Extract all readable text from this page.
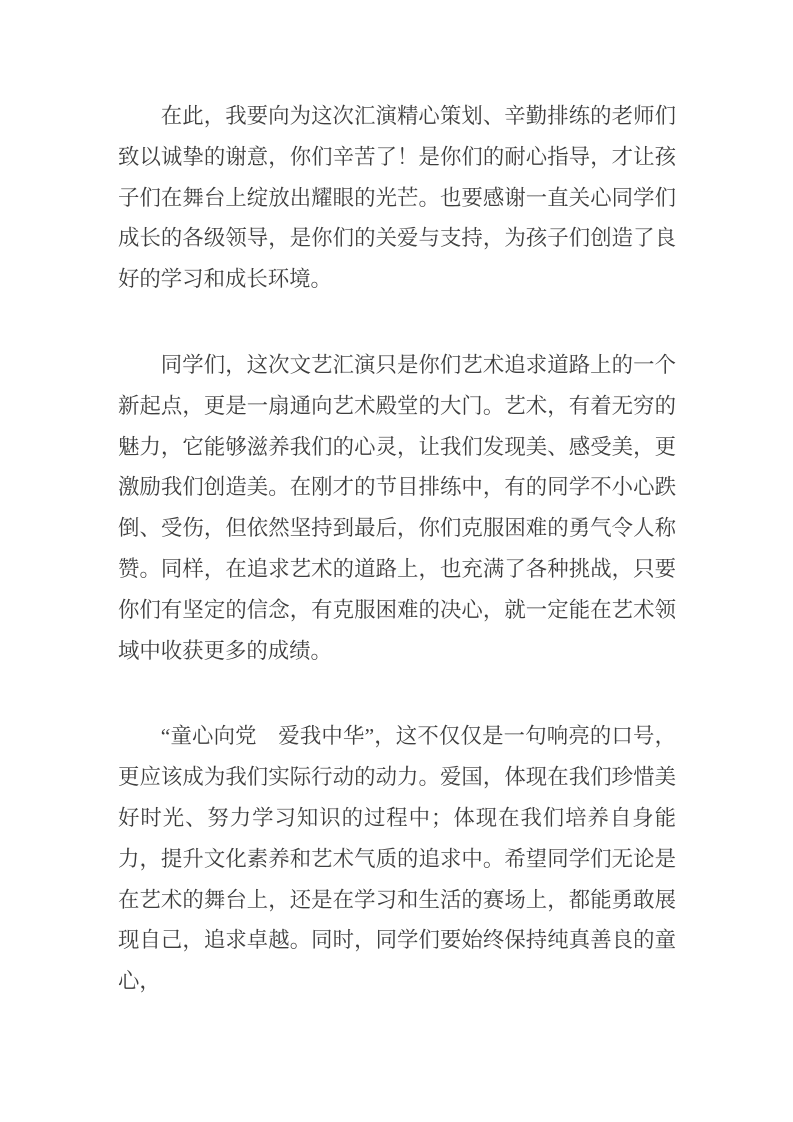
在此，我要向为这次汇演精心策划、辛勤排练的老师们致以诚挚的谢意，你们辛苦了！是你们的耐心指导，才让孩子们在舞台上绽放出耀眼的光芒。也要感谢一直关心同学们成长的各级领导，是你们的关爱与支持，为孩子们创造了良好的学习和成长环境。

同学们，这次文艺汇演只是你们艺术追求道路上的一个新起点，更是一扇通向艺术殿堂的大门。艺术，有着无穷的魅力，它能够滋养我们的心灵，让我们发现美、感受美，更激励我们创造美。在刚才的节目排练中，有的同学不小心跌倒、受伤，但依然坚持到最后，你们克服困难的勇气令人称赞。同样，在追求艺术的道路上，也充满了各种挑战，只要你们有坚定的信念，有克服困难的决心，就一定能在艺术领域中收获更多的成绩。

“童心向党　爱我中华”，这不仅仅是一句响亮的口号，更应该成为我们实际行动的动力。爱国，体现在我们珍惜美好时光、努力学习知识的过程中；体现在我们培养自身能力，提升文化素养和艺术气质的追求中。希望同学们无论是在艺术的舞台上，还是在学习和生活的赛场上，都能勇敢展现自己，追求卓越。同时，同学们要始终保持纯真善良的童心，
